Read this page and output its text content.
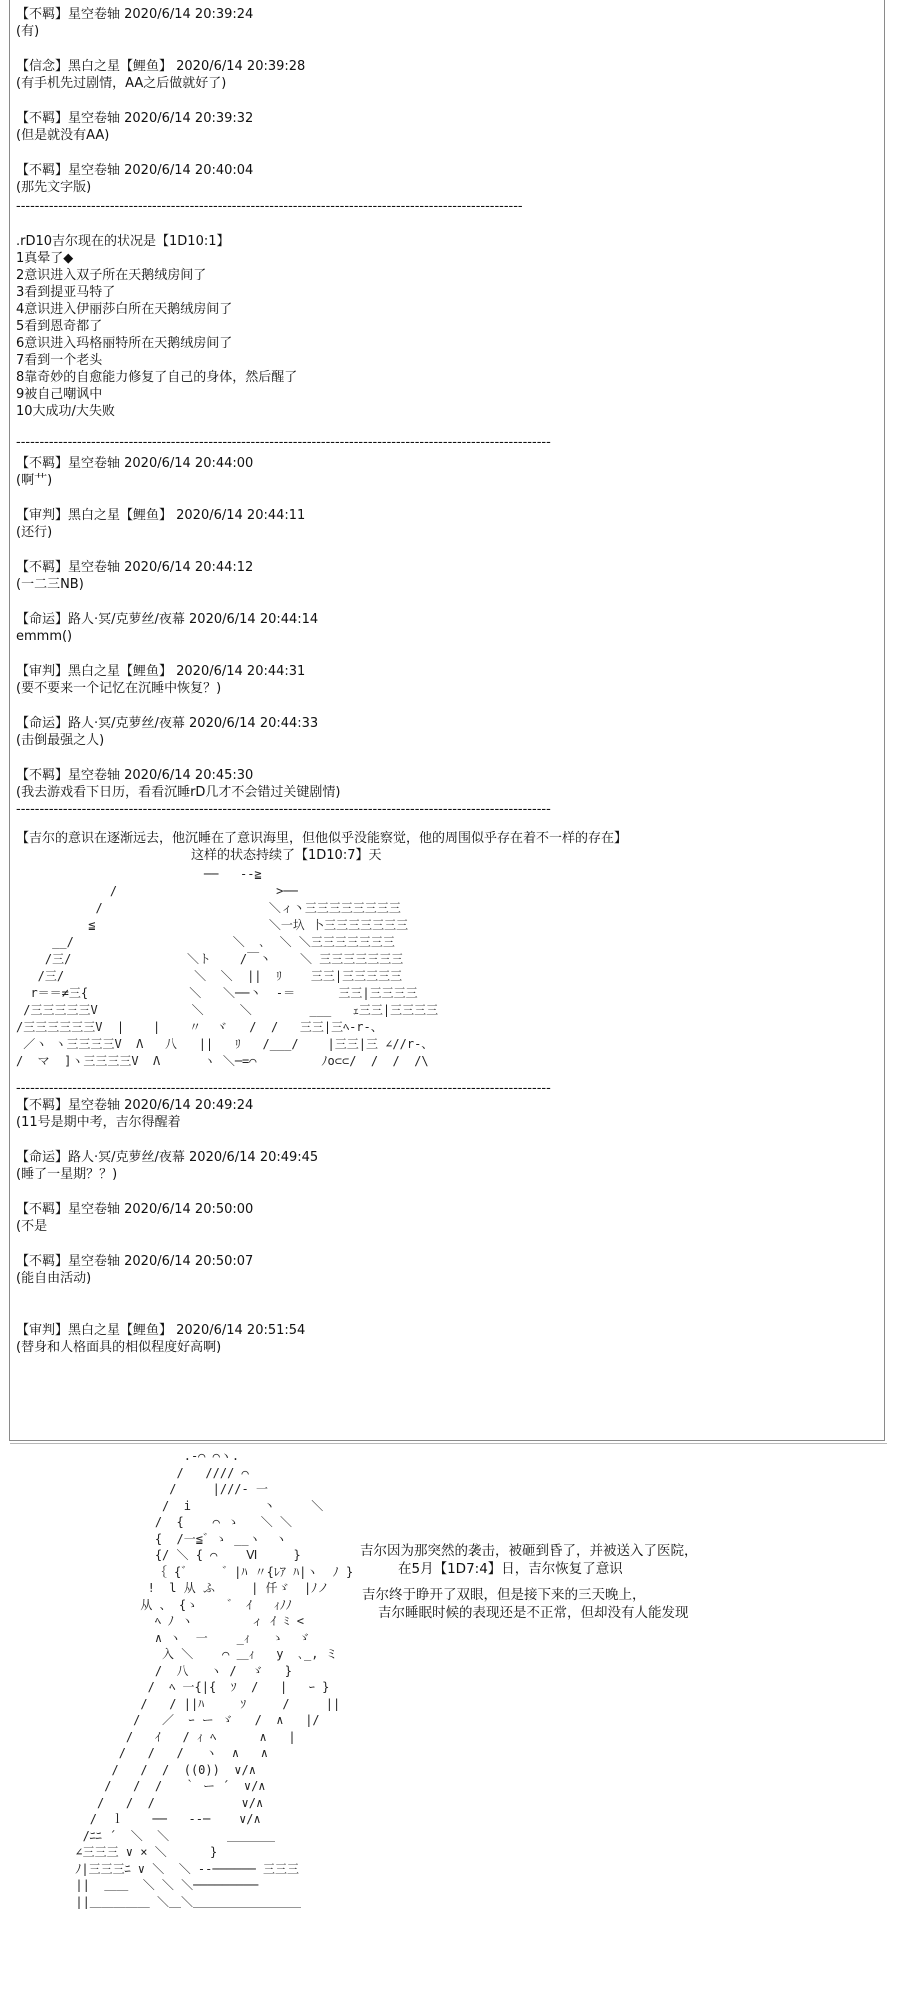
【不羁】星空卷轴 2020/6/14 20:39:24
(有)
【信念】黑白之星【鲤鱼】 2020/6/14 20:39:28
(有手机先过剧情，AA之后做就好了)
【不羁】星空卷轴 2020/6/14 20:39:32
(但是就没有AA)
【不羁】星空卷轴 2020/6/14 20:40:04
(那先文字版)
------------------------------------------------------------------------------------------------------------
.rD10吉尔现在的状况是【1D10:1】
1真晕了◆
2意识进入双子所在天鹅绒房间了
3看到提亚马特了
4意识进入伊丽莎白所在天鹅绒房间了
5看到恩奇都了
6意识进入玛格丽特所在天鹅绒房间了
7看到一个老头
8靠奇妙的自愈能力修复了自己的身体，然后醒了
9被自己嘲讽中
10大成功/大失败
------------------------------------------------------------------------------------------------------------------
【不羁】星空卷轴 2020/6/14 20:44:00
(啊艹)
【审判】黑白之星【鲤鱼】 2020/6/14 20:44:11
(还行)
【不羁】星空卷轴 2020/6/14 20:44:12
(一二三NB)
【命运】路人·冥/克萝丝/夜幕 2020/6/14 20:44:14
emmm()
【审判】黑白之星【鲤鱼】 2020/6/14 20:44:31
(要不要来一个记忆在沉睡中恢复？)
【命运】路人·冥/克萝丝/夜幕 2020/6/14 20:44:33
(击倒最强之人)
【不羁】星空卷轴 2020/6/14 20:45:30
(我去游戏看下日历，看看沉睡rD几才不会错过关键剧情)
------------------------------------------------------------------------------------------------------------------
【吉尔的意识在逐渐远去，他沉睡在了意识海里，但他似乎没能察觉，他的周围似乎存在着不一样的存在】
这样的状态持续了【1D10:7】天
──   ‐‐≧
/                      >──
/                       ＼ィ丶三三三三三三三三
≦                        ＼一圦 卜三三三三三三三
__/                      ＼  ､  ＼ ＼三三三三三三三
/三/                ＼ト    /￣丶    ＼ 三三三三三三三
/三/                  ＼  ＼  ||  ﾘ    三三|三三三三三
r＝＝≠三{              ＼   ＼──丶  ‐＝      三三|三三三三
/三三三三三V             ＼     ＼        ___   ｪ三三|三三三三
/三三三三三三V  |    |    〃  ヾ   /  /   三三|三ﾍ-r-、
／ヽ ヽ三三三三V  Λ   八   ||   ﾘ   /___/    |三三|三 ∠//r-、
/  マ  ]ヽ三三三三V  Λ      ヽ ＼─=⌒         ﾉo⊂⊂/  /  /  /\
------------------------------------------------------------------------------------------------------------------
【不羁】星空卷轴 2020/6/14 20:49:24
(11号是期中考，吉尔得醒着
【命运】路人·冥/克萝丝/夜幕 2020/6/14 20:49:45
(睡了一星期？？)
【不羁】星空卷轴 2020/6/14 20:50:00
(不是
【不羁】星空卷轴 2020/6/14 20:50:07
(能自由活动)
【审判】黑白之星【鲤鱼】 2020/6/14 20:51:54
(替身和人格面具的相似程度好高啊)
.‐⌒ ⌒ヽ.
/   //// ⌒
/     |///‐ 一
/  i          丶     ＼
/  {    ⌒ ゝ   ＼ ＼
{  /一≦゛ゝ __ヽ  ヽ
{/ ＼ { ⌒    Ⅵ     }
｛ {゛    ゛|ﾊ 〃{ﾚｱ ﾊ|ヽ  ﾉ }
!  l 从 ふ     | 仟ゞ  |ﾉノ
从 、 {ゝ    ゛ ｲ   ｨﾉﾉ
ﾍ ﾉ ヽ        ィ ｲ ﾐ <
∧ ヽ  一    _ｨ   ゝ  ゞ
入 ＼    ⌒ ＿ｨ   y  ､_, ミ
/  八   ヽ /  ゞ   }
/  ﾍ 一{|{  ｿ  /   |   ｰ }
/   / ||ﾊ     ｿ     /     ||
/   ／  ｰ ー ゞ   /  ∧   |/
/   ｲ   / ｨ ﾍ      ∧   |
/   /   /   ヽ  ∧   ∧
/   /  /  ((0))  ∨/∧
/   /  /   ｀ ー ´  ∨/∧
/   /  /            ∨/∧
/  ｌ    ──   ‐‐─    ∨/∧
/ﾆﾆ ´  ＼  ＼        ＿＿＿＿
∠三三三 ∨ × ＼      }
ﾉ|三三三ﾆ ∨ ＼  ＼ ‐‐────── 三三三
||  ＿＿  ＼ ＼ ＼─────────
||＿＿＿＿＿ ＼＿＼＿＿＿＿＿＿＿＿＿
吉尔因为那突然的袭击，被砸到昏了，并被送入了医院，
在5月【1D7:4】日，吉尔恢复了意识
吉尔终于睁开了双眼，但是接下来的三天晚上，
吉尔睡眠时候的表现还是不正常，但却没有人能发现
